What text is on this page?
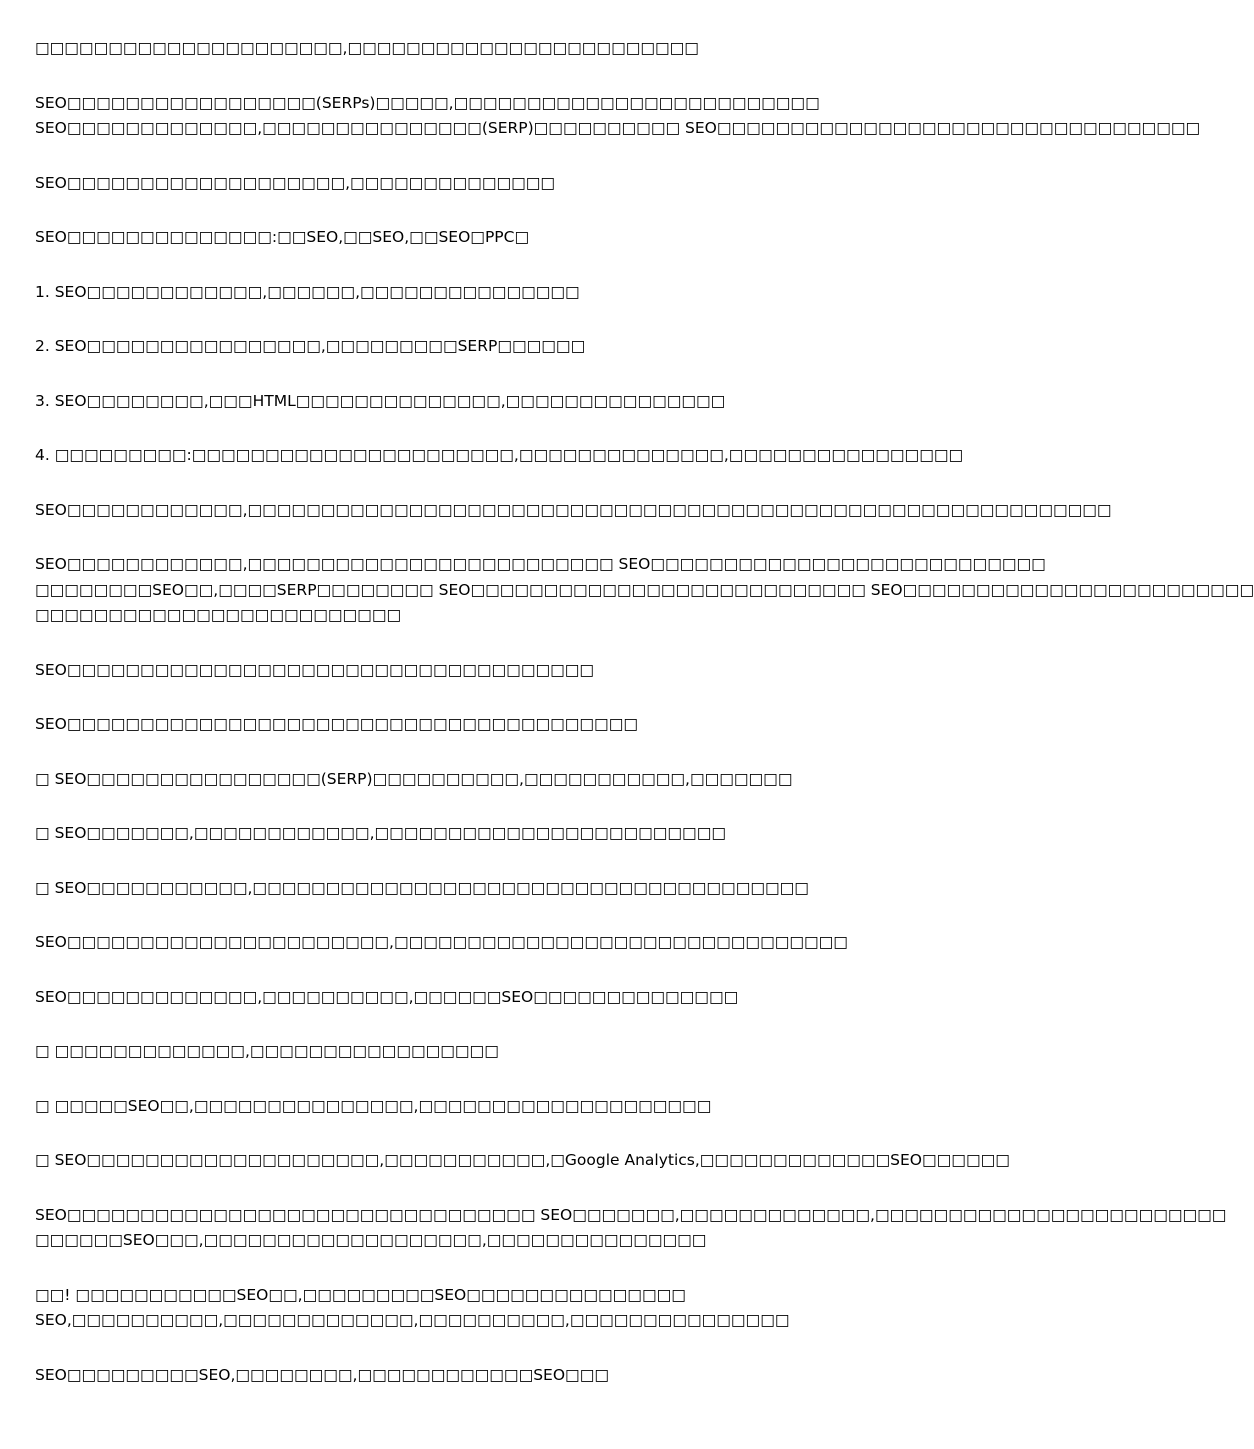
□□□□□□□□□□□□□□□□□□□□□,□□□□□□□□□□□□□□□□□□□□□□□□
SEO□□□□□□□□□□□□□□□□□(SERPs)□□□□□,□□□□□□□□□□□□□□□□□□□□□□□□□
SEO□□□□□□□□□□□□□,□□□□□□□□□□□□□□□(SERP)□□□□□□□□□□ SEO□□□□□□□□□□□□□□□□□□□□□□□□□□□□□□□□□
SEO□□□□□□□□□□□□□□□□□□□,□□□□□□□□□□□□□□
SEO□□□□□□□□□□□□□□:□□SEO,□□SEO,□□SEO□PPC□
1. SEO□□□□□□□□□□□□,□□□□□□,□□□□□□□□□□□□□□□
2. SEO□□□□□□□□□□□□□□□□,□□□□□□□□□SERP□□□□□□
3. SEO□□□□□□□□,□□□HTML□□□□□□□□□□□□□□,□□□□□□□□□□□□□□□
4. □□□□□□□□□:□□□□□□□□□□□□□□□□□□□□□□,□□□□□□□□□□□□□□,□□□□□□□□□□□□□□□□
SEO□□□□□□□□□□□□,□□□□□□□□□□□□□□□□□□□□□□□□□□□□□□□□□□□□□□□□□□□□□□□□□□□□□□□□□□□
SEO□□□□□□□□□□□□,□□□□□□□□□□□□□□□□□□□□□□□□□ SEO□□□□□□□□□□□□□□□□□□□□□□□□□□□
□□□□□□□□SEO□□,□□□□SERP□□□□□□□□ SEO□□□□□□□□□□□□□□□□□□□□□□□□□□□ SEO□□□□□□□□□□□□□□□□□□□□□□□□
□□□□□□□□□□□□□□□□□□□□□□□□□
SEO□□□□□□□□□□□□□□□□□□□□□□□□□□□□□□□□□□□□
SEO□□□□□□□□□□□□□□□□□□□□□□□□□□□□□□□□□□□□□□□
□ SEO□□□□□□□□□□□□□□□□(SERP)□□□□□□□□□□,□□□□□□□□□□□,□□□□□□□
□ SEO□□□□□□□,□□□□□□□□□□□□,□□□□□□□□□□□□□□□□□□□□□□□□
□ SEO□□□□□□□□□□□,□□□□□□□□□□□□□□□□□□□□□□□□□□□□□□□□□□□□□□
SEO□□□□□□□□□□□□□□□□□□□□□□,□□□□□□□□□□□□□□□□□□□□□□□□□□□□□□□
SEO□□□□□□□□□□□□□,□□□□□□□□□□,□□□□□□SEO□□□□□□□□□□□□□□
□ □□□□□□□□□□□□□,□□□□□□□□□□□□□□□□□
□ □□□□□SEO□□,□□□□□□□□□□□□□□□,□□□□□□□□□□□□□□□□□□□□
□ SEO□□□□□□□□□□□□□□□□□□□□,□□□□□□□□□□□,□Google Analytics,□□□□□□□□□□□□□SEO□□□□□□
SEO□□□□□□□□□□□□□□□□□□□□□□□□□□□□□□□□ SEO□□□□□□□,□□□□□□□□□□□□□,□□□□□□□□□□□□□□□□□□□□□□□□
□□□□□□SEO□□□,□□□□□□□□□□□□□□□□□□□,□□□□□□□□□□□□□□□
□□! □□□□□□□□□□□SEO□□,□□□□□□□□□SEO□□□□□□□□□□□□□□□
SEO,□□□□□□□□□□,□□□□□□□□□□□□□,□□□□□□□□□□,□□□□□□□□□□□□□□□
SEO□□□□□□□□□SEO,□□□□□□□□,□□□□□□□□□□□□SEO□□□
